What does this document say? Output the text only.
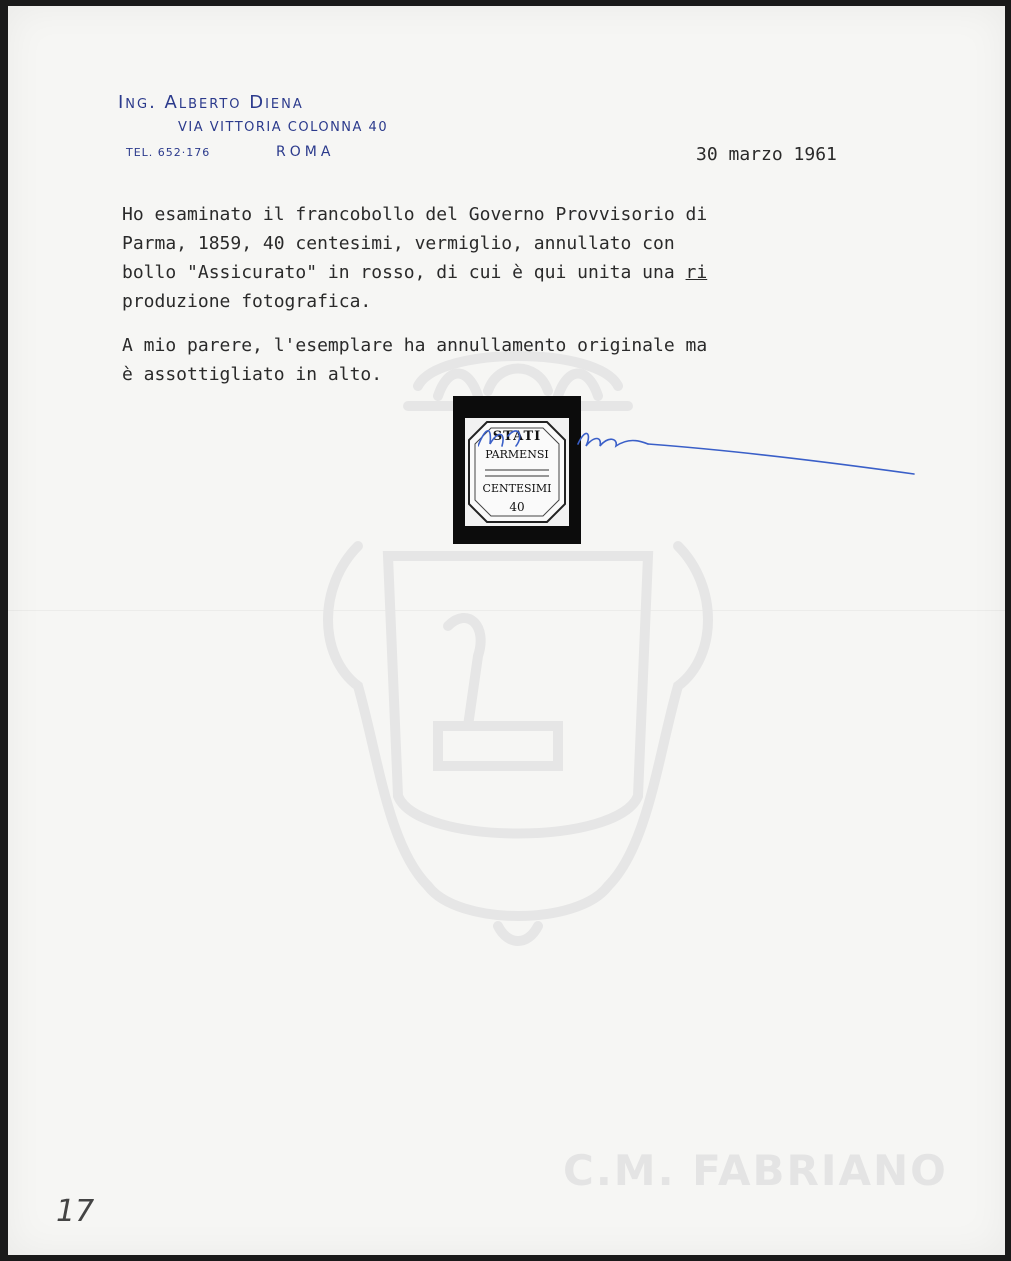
C.M. FABRIANO
Ing. Alberto Diena
VIA VITTORIA COLONNA 40
TEL. 652·176	ROMA	30 marzo 1961
Ho esaminato il francobollo del Governo Provvisorio di
Parma, 1859, 40 centesimi, vermiglio, annullato con
bollo "Assicurato" in rosso, di cui è qui unita una ri
produzione fotografica.
A mio parere, l'esemplare ha annullamento originale ma
è assottigliato in alto.
STATI
PARMENSI
CENTESIMI
40
17
